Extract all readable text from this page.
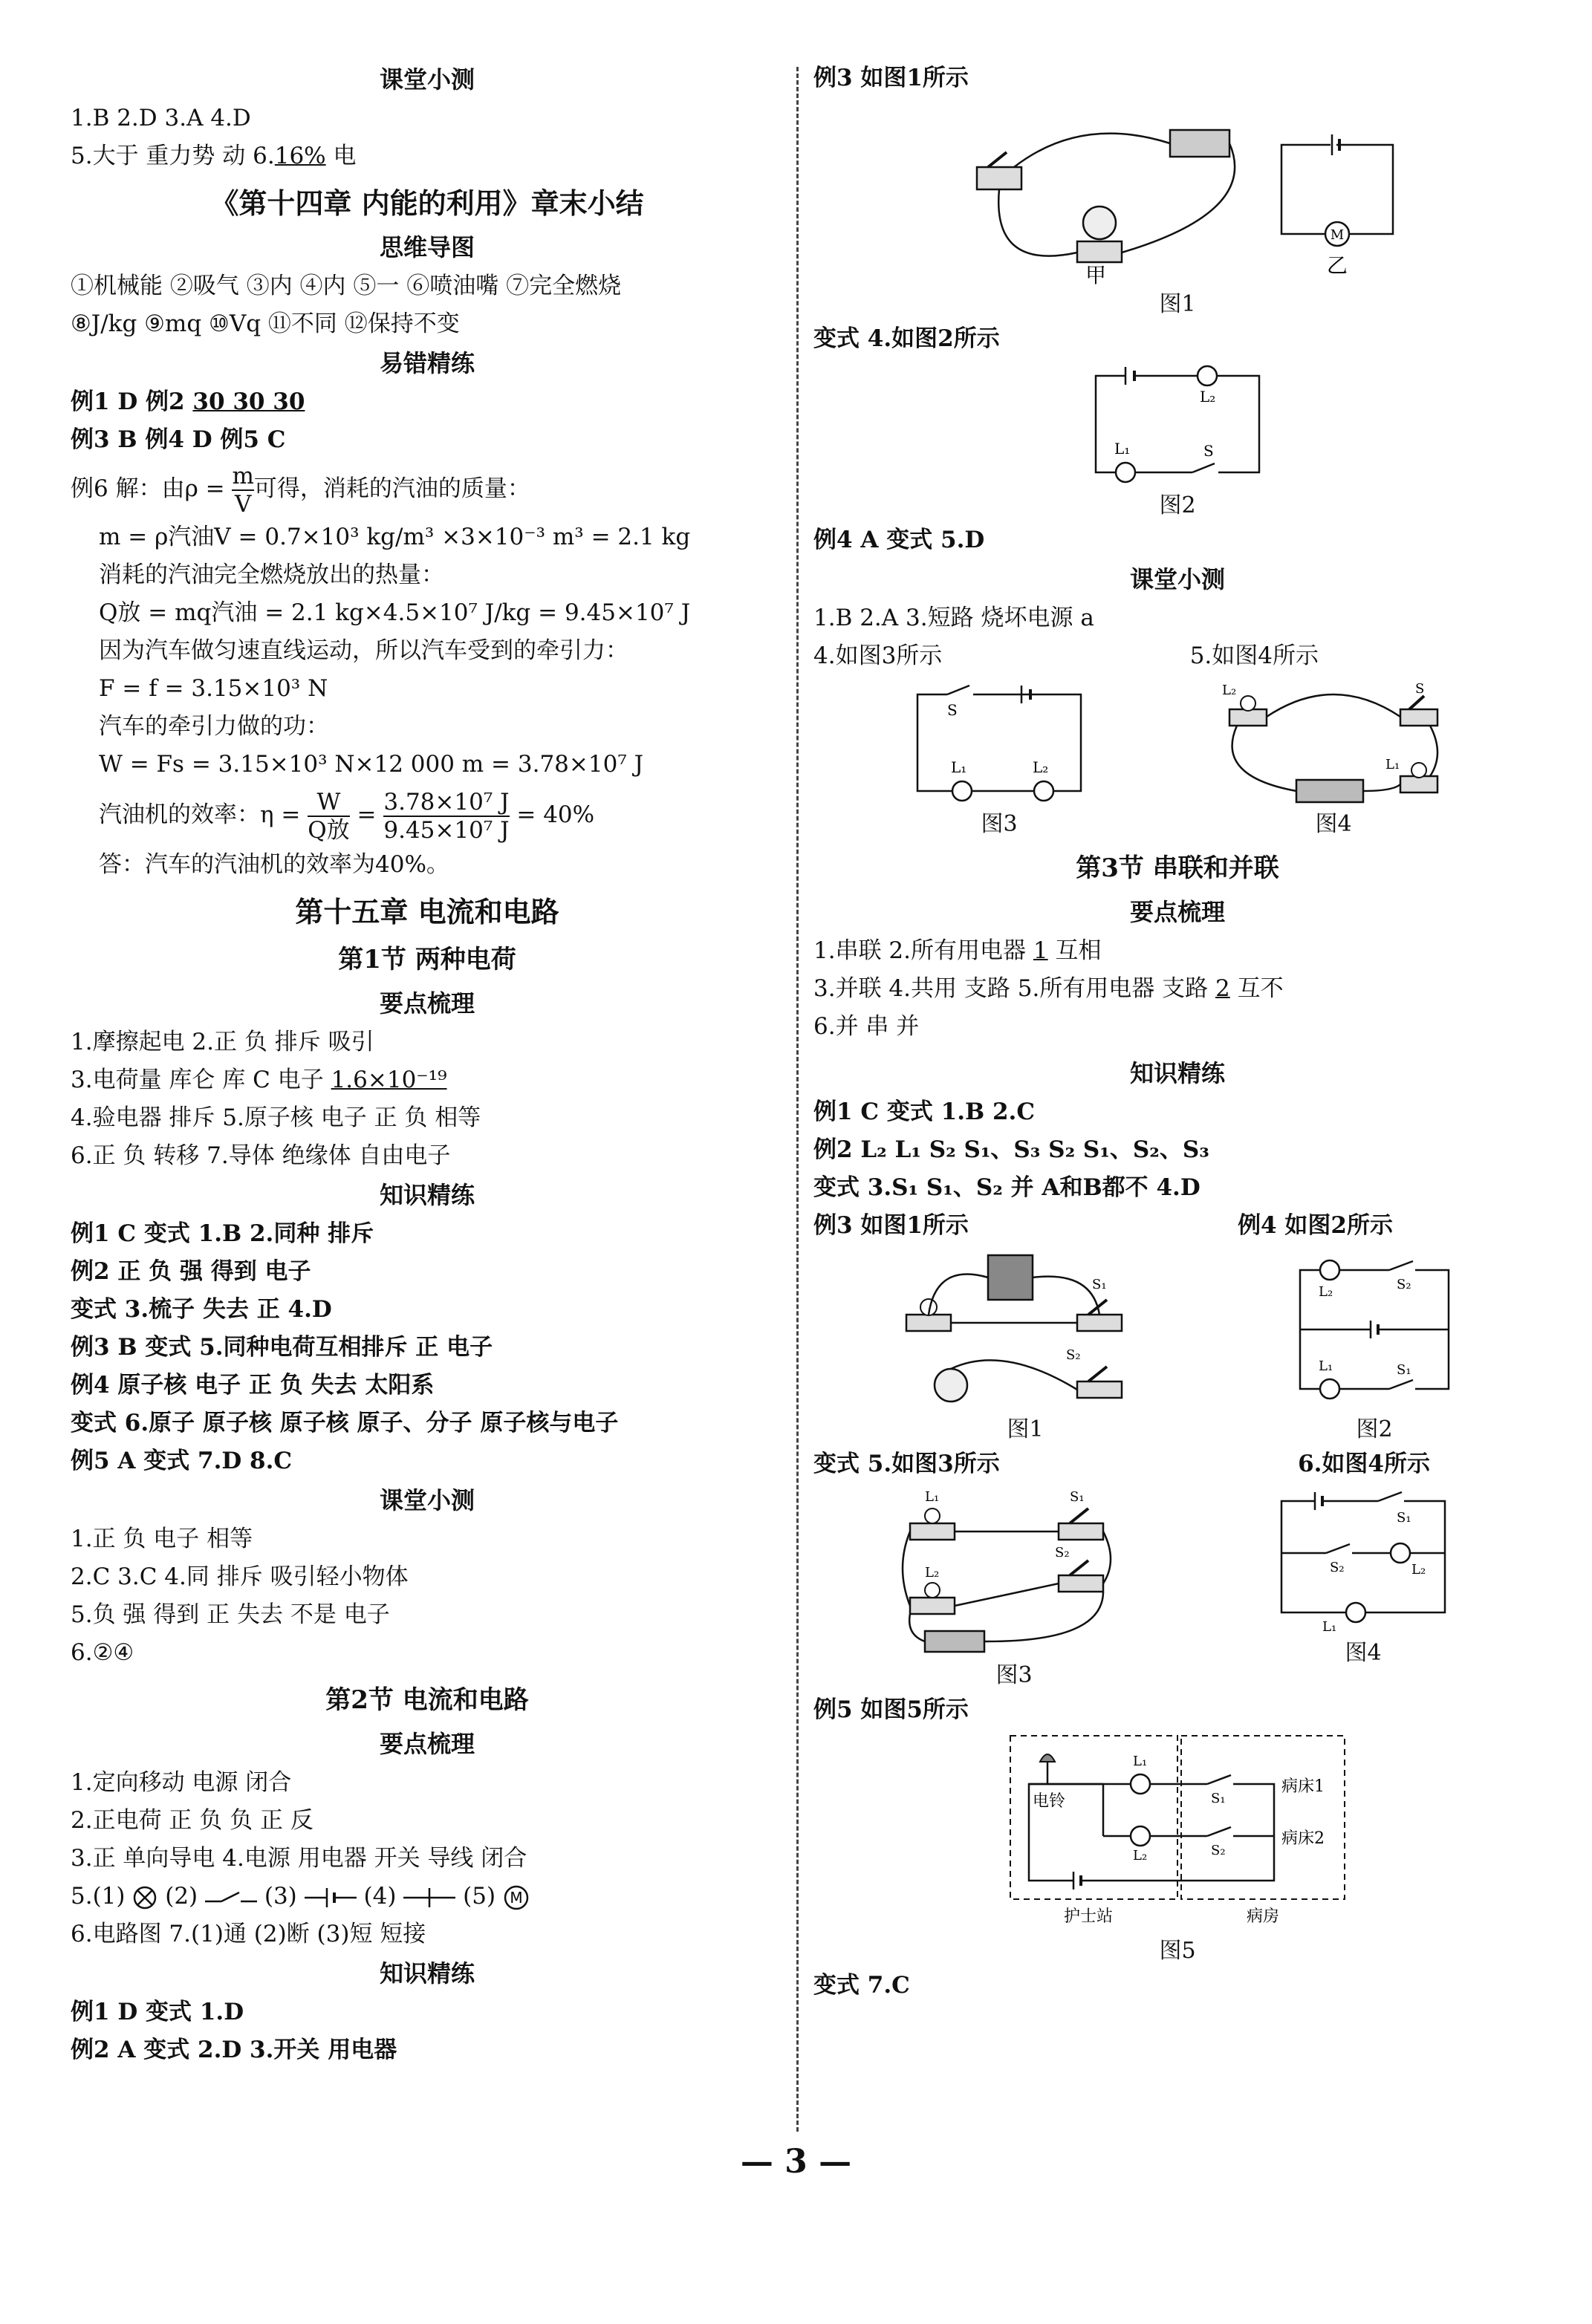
课堂小测
1.B 2.D 3.A 4.D
5.大于 重力势 动 6.16% 电
《第十四章 内能的利用》章末小结
思维导图
①机械能 ②吸气 ③内 ④内 ⑤一 ⑥喷油嘴 ⑦完全燃烧
⑧J/kg ⑨mq ⑩Vq ⑪不同 ⑫保持不变
易错精练
例1 D 例2 30 30 30
例3 B 例4 D 例5 C
例6 解：由$\rho = \frac{m}{V}$ 可得，消耗的汽油的质量：
m = ρ汽油V = 0.7×10³ kg/m³ ×3×10⁻³ m³ = 2.1 kg
消耗的汽油完全燃烧放出的热量：
Q放 = mq汽油 = 2.1 kg×4.5×10⁷ J/kg = 9.45×10⁷ J
因为汽车做匀速直线运动，所以汽车受到的牵引力：
F = f = 3.15×10³ N
汽车的牵引力做的功：
W = Fs = 3.15×10³ N×12 000 m = 3.78×10⁷ J
汽油机的效率：$\eta = \frac{W}{\text{Q放}} = \frac{\text{3.78×10⁷ J}}{\text{9.45×10⁷ J}} = 40\%$
答：汽车的汽油机的效率为40%。
第十五章 电流和电路
第1节 两种电荷
要点梳理
1.摩擦起电 2.正 负 排斥 吸引
3.电荷量 库仑 库 C 电子 1.6×10⁻¹⁹
4.验电器 排斥 5.原子核 电子 正 负 相等
6.正 负 转移 7.导体 绝缘体 自由电子
知识精练
例1 C 变式 1.B 2.同种 排斥
例2 正 负 强 得到 电子
变式 3.梳子 失去 正 4.D
例3 B 变式 5.同种电荷互相排斥 正 电子
例4 原子核 电子 正 负 失去 太阳系
变式 6.原子 原子核 原子核 原子、分子 原子核与电子
例5 A 变式 7.D 8.C
课堂小测
1.正 负 电子 相等
2.C 3.C 4.同 排斥 吸引轻小物体
5.负 强 得到 正 失去 不是 电子
6.②④
第2节 电流和电路
要点梳理
1.定向移动 电源 闭合
2.正电荷 正 负 负 正 反
3.正 单向导电 4.电源 用电器 开关 导线 闭合
5.(1) (2)	(3)	(4)	(5) M
6.电路图 7.(1)通 (2)断 (3)短 短接
知识精练
例1 D 变式 1.D
例2 A 变式 2.D 3.开关 用电器
例3 如图1所示
甲
M
乙
图1
变式 4.如图2所示
L₂
L₁	S
图2
例4 A 变式 5.D
课堂小测
1.B 2.A 3.短路 烧坏电源 a
4.如图3所示	5.如图4所示
S
L₁	L₂
图3
L₂	S
L₁
图4
第3节 串联和并联
要点梳理
1.串联 2.所有用电器 1 互相
3.并联 4.共用 支路 5.所有用电器 支路 2 互不
6.并 串 并
知识精练
例1 C 变式 1.B 2.C
例2 L₂ L₁ S₂ S₁、S₃ S₂ S₁、S₂、S₃
变式 3.S₁ S₁、S₂ 并 A和B都不 4.D
例3 如图1所示	例4 如图2所示
S₁
S₂
图1
L₂	S₂
L₁	S₁
图2
变式 5.如图3所示	6.如图4所示
L₁	S₁
S₂
L₂
图3
S₁
S₂	L₂
L₁
图4
例5 如图5所示
电铃
L₁
L₂
S₁
S₂
病床1
病床2
护士站	病房
图5
变式 7.C
— 3 —
